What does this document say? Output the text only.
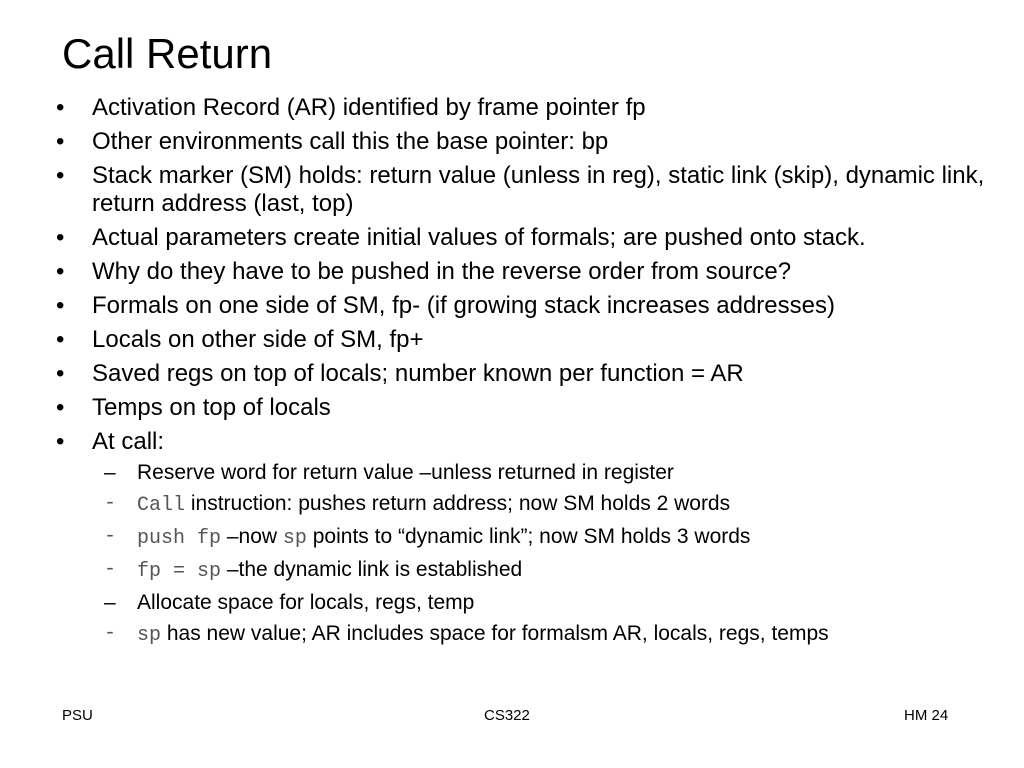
Call Return
• Activation Record (AR) identified by frame pointer fp
• Other environments call this the base pointer: bp
• Stack marker (SM) holds: return value (unless in reg), static link (skip), dynamic link, return address (last, top)
• Actual parameters create initial values of formals; are pushed onto stack.
• Why do they have to be pushed in the reverse order from source?
• Formals on one side of SM, fp- (if growing stack increases addresses)
• Locals on other side of SM, fp+
• Saved regs on top of locals; number known per function = AR
• Temps on top of locals
• At call:
– Reserve word for return value –unless returned in register
- Call instruction: pushes return address; now SM holds 2 words
- push fp –now sp points to “dynamic link”; now SM holds 3 words
- fp = sp –the dynamic link is established
– Allocate space for locals, regs, temp
- sp has new value; AR includes space for formalsm AR, locals, regs, temps
PSU	CS322	HM 24
